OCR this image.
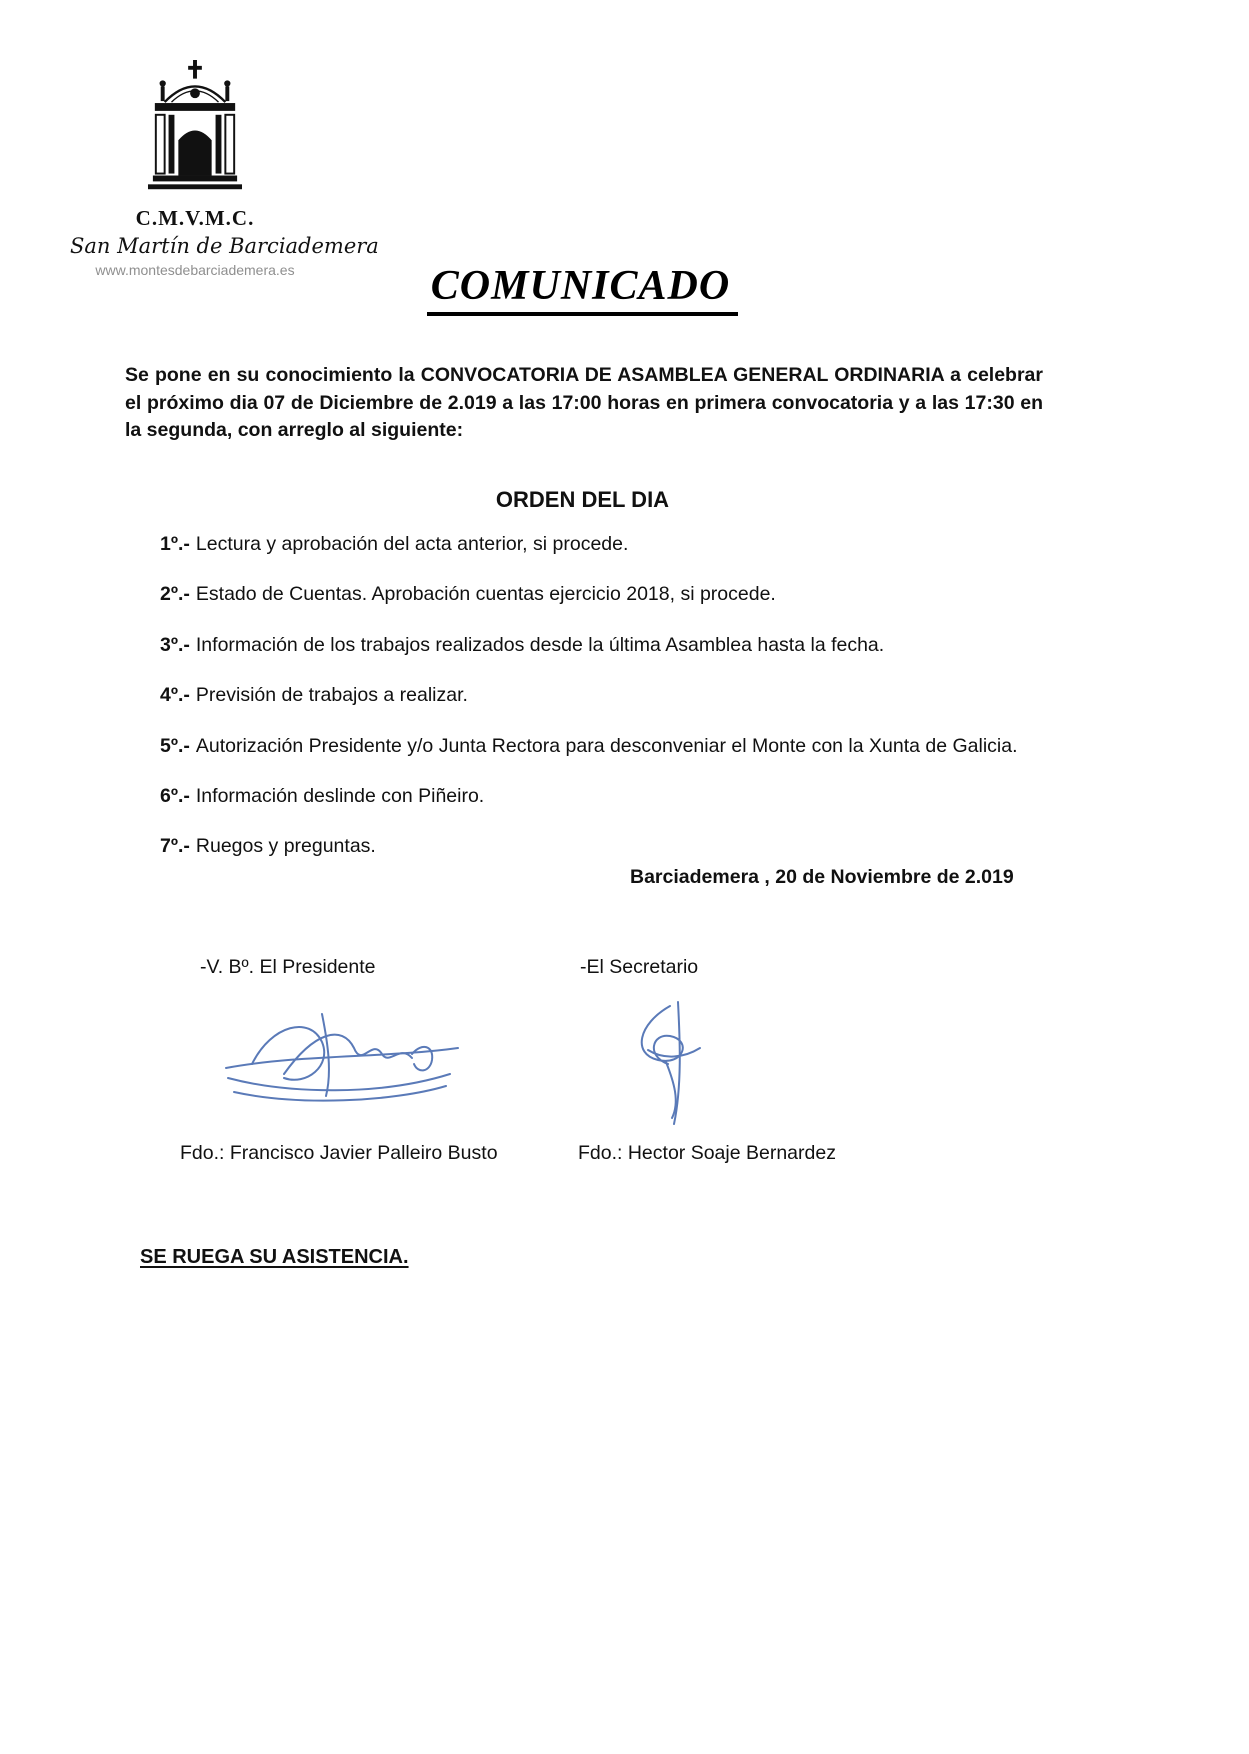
C.M.V.M.C.
San Martín de Barciademera
www.montesdebarciademera.es	COMUNICADO

Se pone en su conocimiento la CONVOCATORIA DE ASAMBLEA GENERAL ORDINARIA a celebrar el próximo dia 07 de Diciembre de 2.019 a las 17:00 horas en primera convocatoria y a las 17:30 en la segunda, con arreglo al siguiente:

ORDEN DEL DIA
1º.- Lectura y aprobación del acta anterior, si procede.
2º.- Estado de Cuentas. Aprobación cuentas ejercicio 2018, si procede.
3º.- Información de los trabajos realizados desde la última Asamblea hasta la fecha.
4º.- Previsión de trabajos a realizar.
5º.- Autorización Presidente y/o Junta Rectora para desconveniar el Monte con la Xunta de Galicia.
6º.- Información deslinde con Piñeiro.
7º.- Ruegos y preguntas.
Barciademera , 20 de Noviembre de 2.019
-V. Bº. El Presidente	-El Secretario
Fdo.: Francisco Javier Palleiro Busto	Fdo.: Hector Soaje Bernardez
SE RUEGA SU ASISTENCIA.
